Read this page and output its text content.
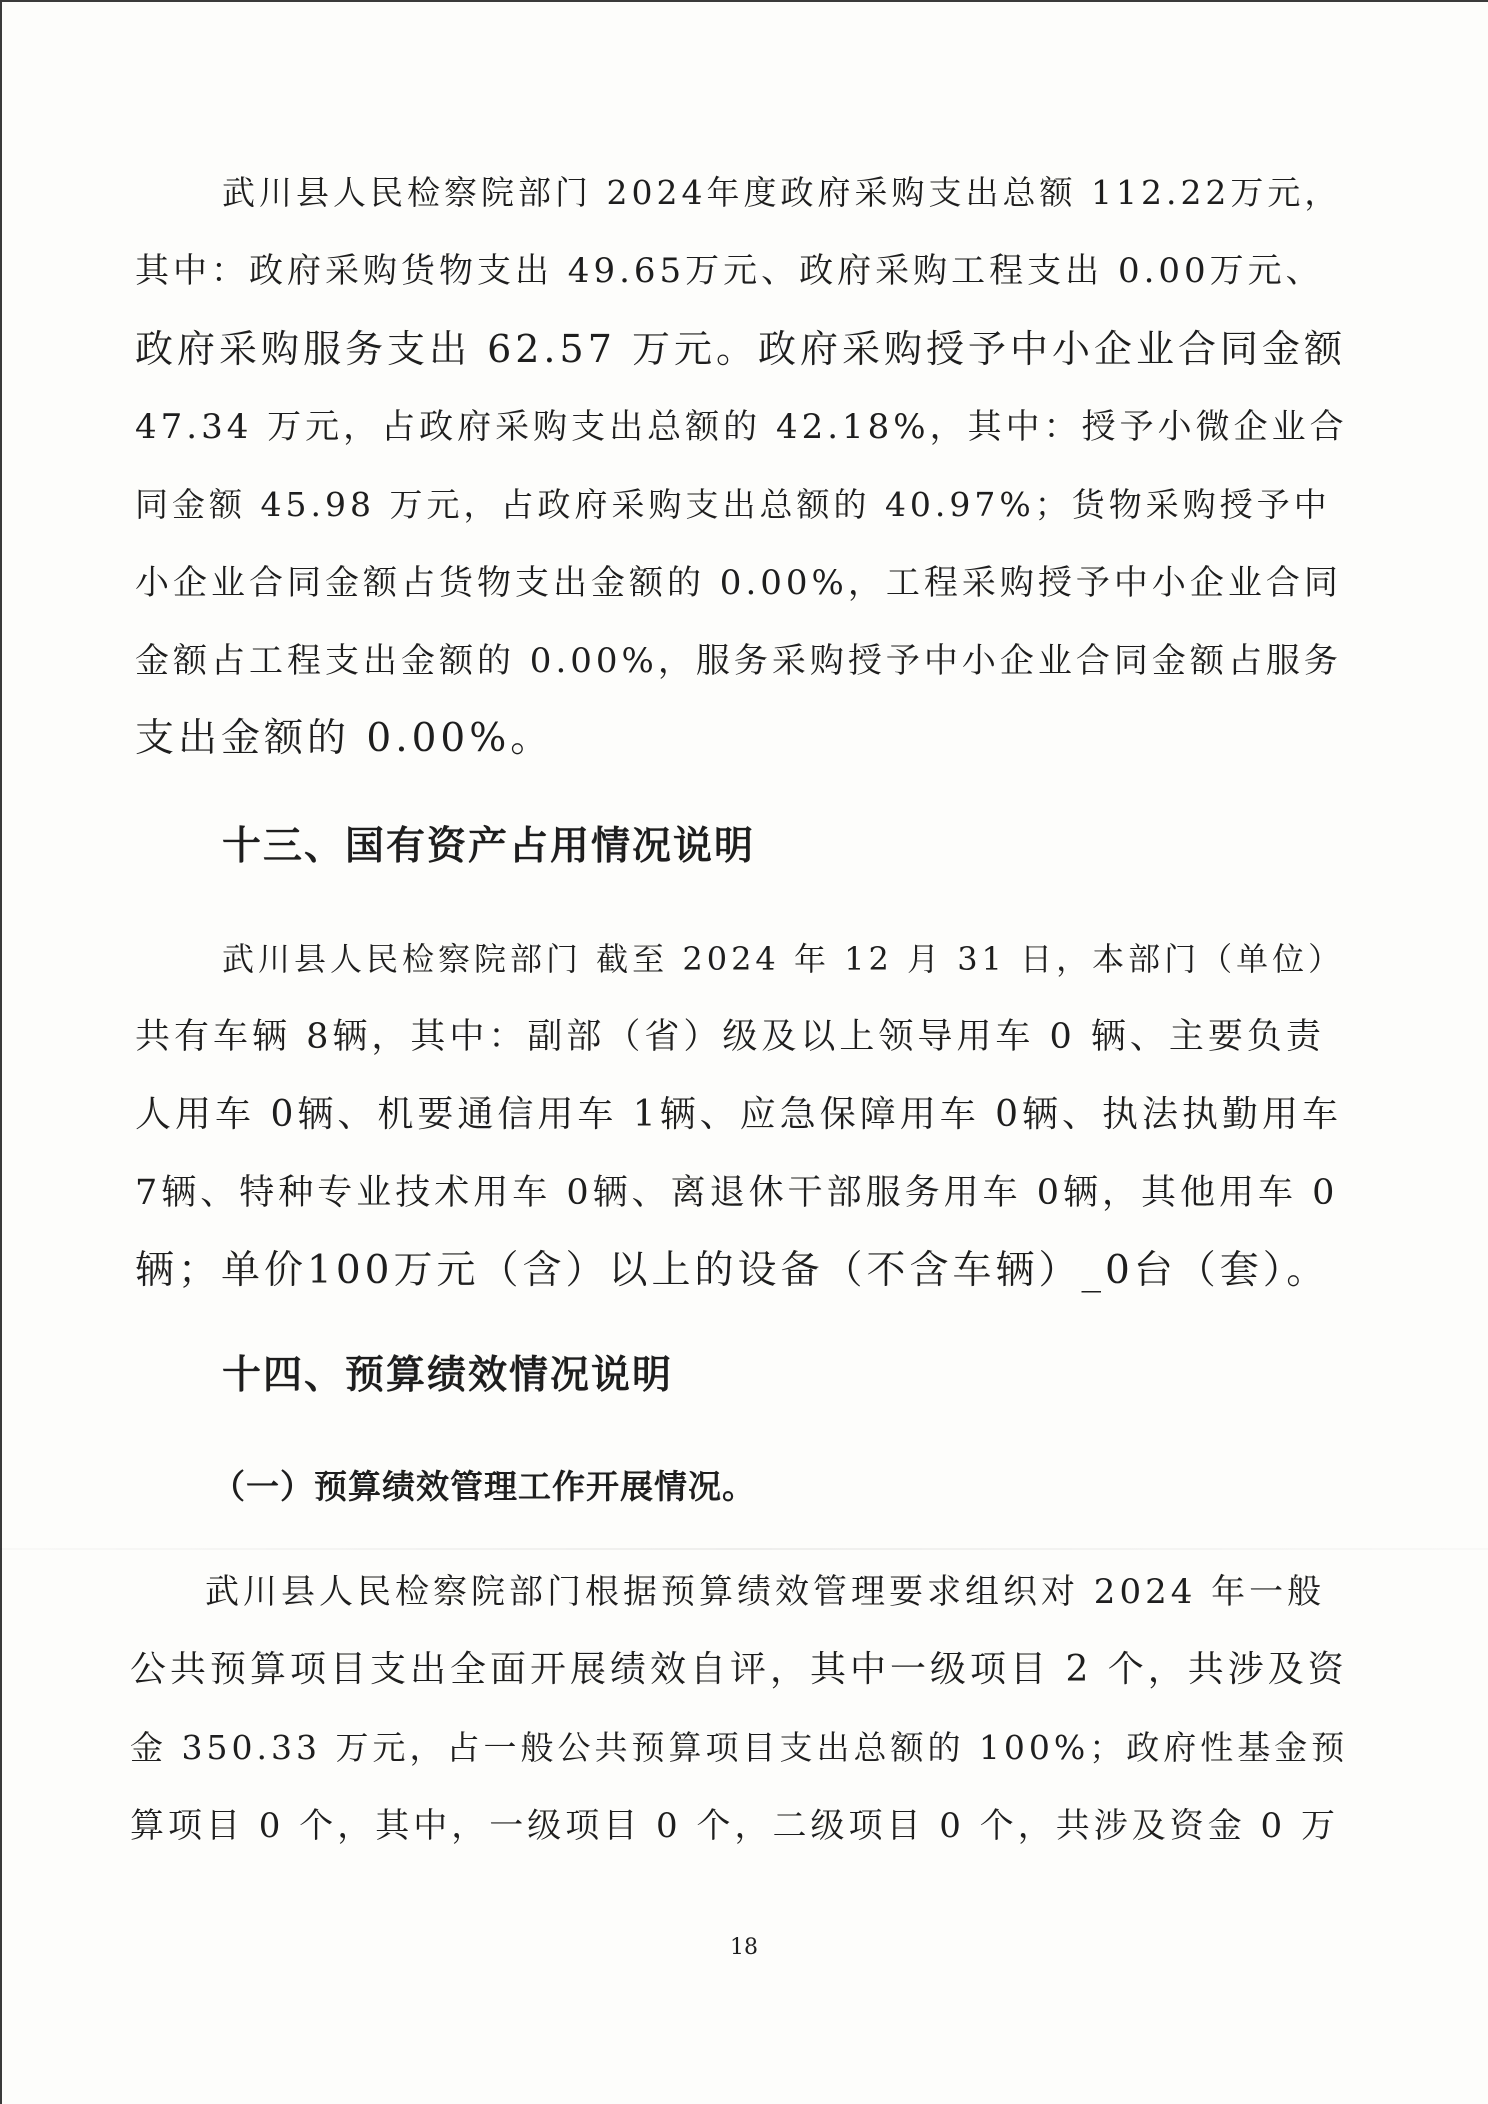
武川县人民检察院部门 2024年度政府采购支出总额 112.22万元，
其中：政府采购货物支出 49.65万元、政府采购工程支出 0.00万元、
政府采购服务支出 62.57 万元。政府采购授予中小企业合同金额
47.34 万元，占政府采购支出总额的 42.18%，其中：授予小微企业合
同金额 45.98 万元，占政府采购支出总额的 40.97%；货物采购授予中
小企业合同金额占货物支出金额的 0.00%，工程采购授予中小企业合同
金额占工程支出金额的 0.00%，服务采购授予中小企业合同金额占服务
支出金额的 0.00%。
十三、国有资产占用情况说明
武川县人民检察院部门 截至 2024 年 12 月 31 日，本部门（单位）
共有车辆 8辆，其中：副部（省）级及以上领导用车 0 辆、主要负责
人用车 0辆、机要通信用车 1辆、应急保障用车 0辆、执法执勤用车
7辆、特种专业技术用车 0辆、离退休干部服务用车 0辆，其他用车 0
辆；单价100万元（含）以上的设备（不含车辆）_0台（套）。
十四、预算绩效情况说明
（一）预算绩效管理工作开展情况。
武川县人民检察院部门根据预算绩效管理要求组织对 2024 年一般
公共预算项目支出全面开展绩效自评，其中一级项目 2 个，共涉及资
金 350.33 万元，占一般公共预算项目支出总额的 100%；政府性基金预
算项目 0 个，其中，一级项目 0 个，二级项目 0 个，共涉及资金 0 万
18
